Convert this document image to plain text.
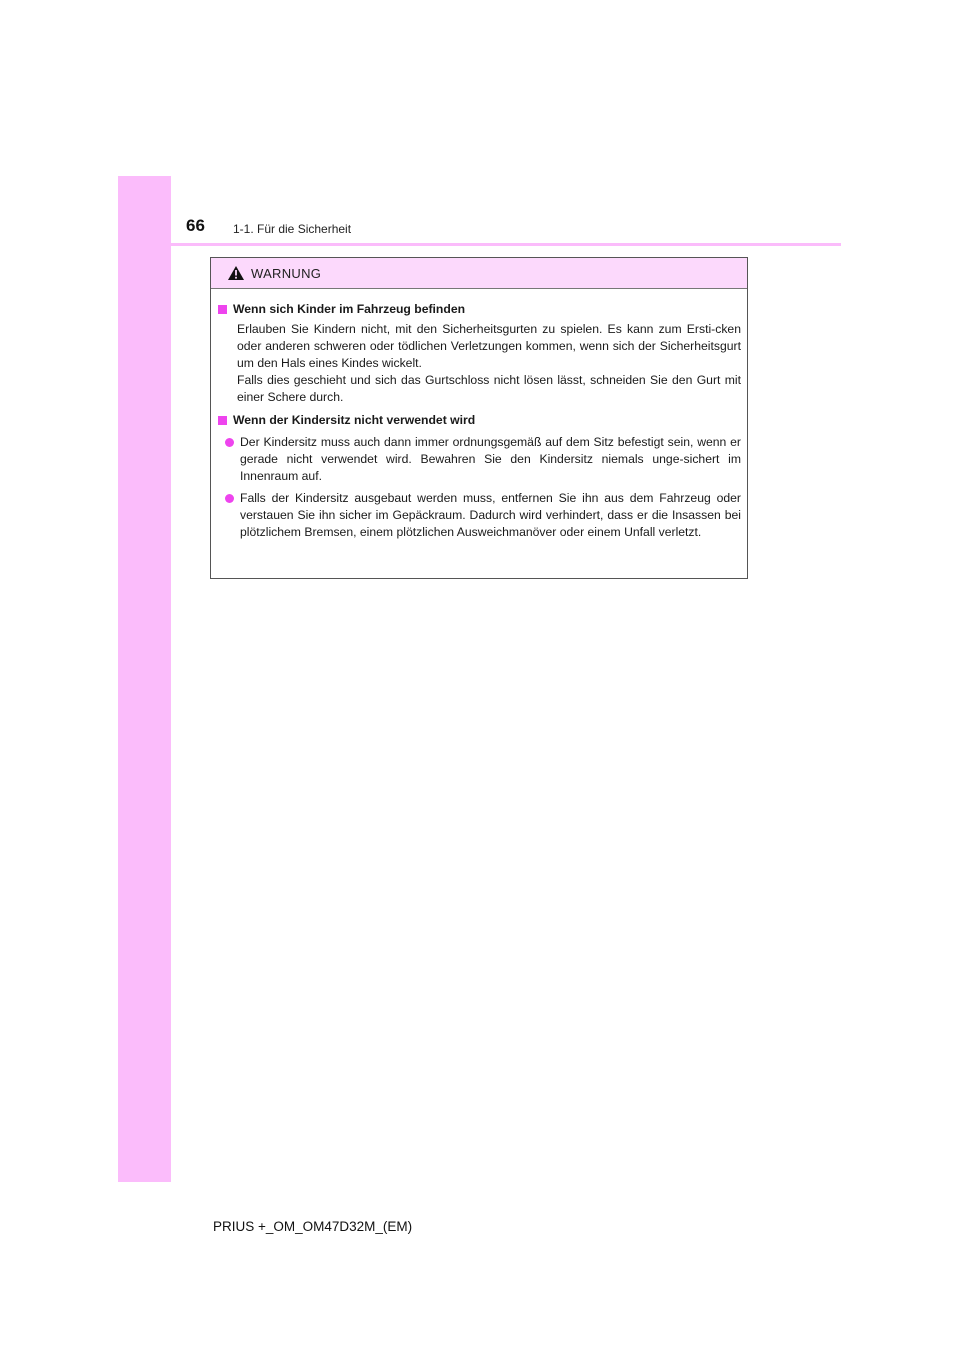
66 1-1. Für die Sicherheit
WARNUNG
Wenn sich Kinder im Fahrzeug befinden
Erlauben Sie Kindern nicht, mit den Sicherheitsgurten zu spielen. Es kann zum Ersti-cken oder anderen schweren oder tödlichen Verletzungen kommen, wenn sich der Sicherheitsgurt um den Hals eines Kindes wickelt.
Falls dies geschieht und sich das Gurtschloss nicht lösen lässt, schneiden Sie den Gurt mit einer Schere durch.
Wenn der Kindersitz nicht verwendet wird
Der Kindersitz muss auch dann immer ordnungsgemäß auf dem Sitz befestigt sein, wenn er gerade nicht verwendet wird. Bewahren Sie den Kindersitz niemals unge-sichert im Innenraum auf.
Falls der Kindersitz ausgebaut werden muss, entfernen Sie ihn aus dem Fahrzeug oder verstauen Sie ihn sicher im Gepäckraum. Dadurch wird verhindert, dass er die Insassen bei plötzlichem Bremsen, einem plötzlichen Ausweichmanöver oder einem Unfall verletzt.
PRIUS +_OM_OM47D32M_(EM)
